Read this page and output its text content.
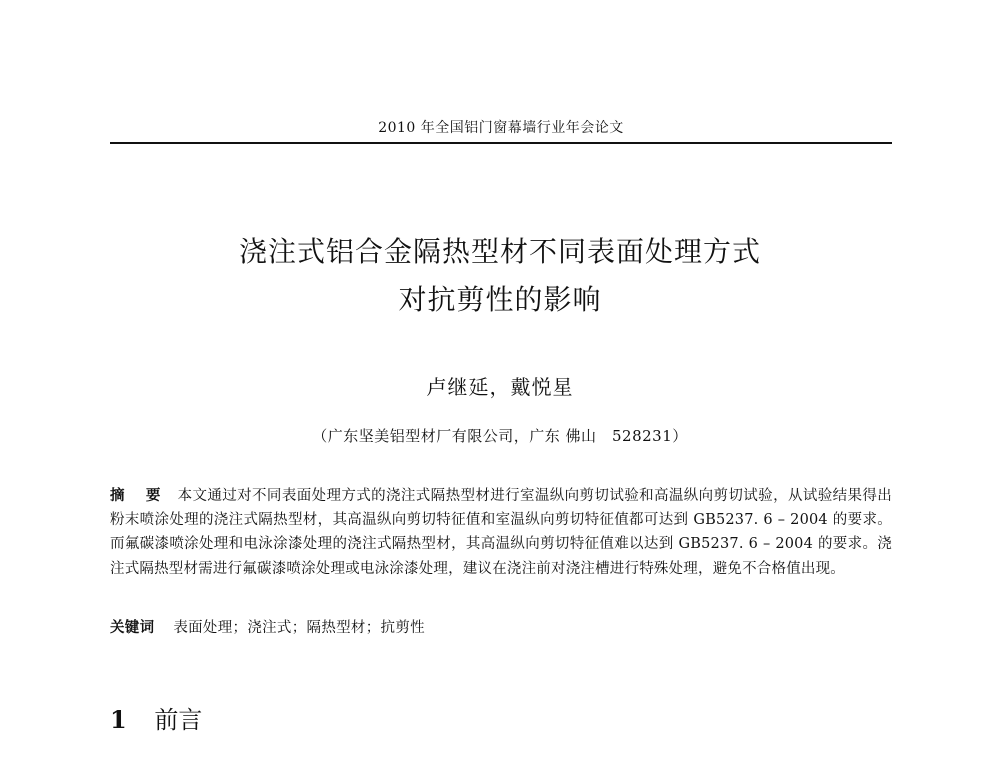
2010 年全国铝门窗幕墙行业年会论文
浇注式铝合金隔热型材不同表面处理方式
对抗剪性的影响
卢继延，戴悦星
（广东坚美铝型材厂有限公司，广东 佛山　528231）
摘 要 本文通过对不同表面处理方式的浇注式隔热型材进行室温纵向剪切试验和高温纵向剪切试验，从试验结果得出粉末喷涂处理的浇注式隔热型材，其高温纵向剪切特征值和室温纵向剪切特征值都可达到 GB5237. 6 – 2004 的要求。而氟碳漆喷涂处理和电泳涂漆处理的浇注式隔热型材，其高温纵向剪切特征值难以达到 GB5237. 6 – 2004 的要求。浇注式隔热型材需进行氟碳漆喷涂处理或电泳涂漆处理，建议在浇注前对浇注槽进行特殊处理，避免不合格值出现。
关键词 表面处理；浇注式；隔热型材；抗剪性
1 前言
